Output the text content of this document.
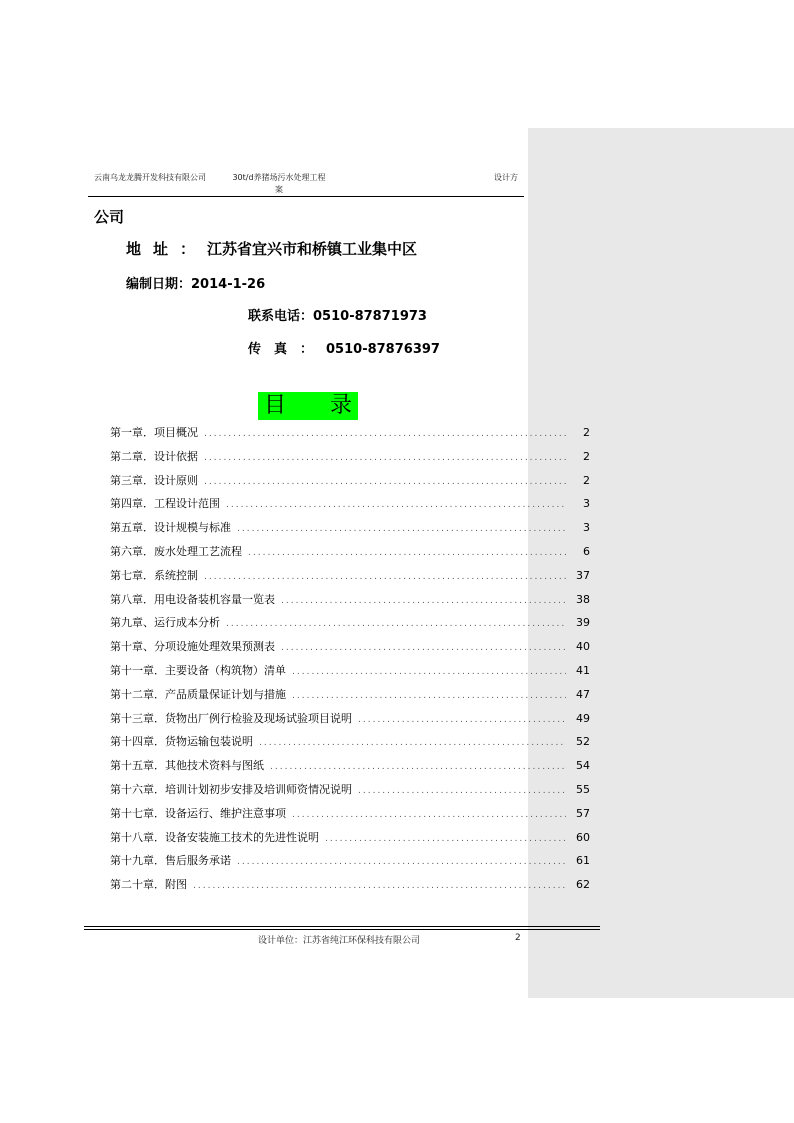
云南乌龙龙腾开发科技有限公司	30t/d养猪场污水处理工程
案
设计方
公司
地址：江苏省宜兴市和桥镇工业集中区
编制日期：2014-1-26
联系电话：0510-87871973
传真：0510-87876397
目 录
第一章．项目概况 .....	2
第二章．设计依据 .....	2
第三章．设计原则 .....	2
第四章．工程设计范围 .....	3
第五章．设计规模与标准 .....	3
第六章．废水处理工艺流程 .....	6
第七章．系统控制 .....	37
第八章．用电设备装机容量一览表 .....	38
第九章、运行成本分析 .....	39
第十章、分项设施处理效果预测表 .....	40
第十一章．主要设备（构筑物）清单 .....	41
第十二章．产品质量保证计划与措施 .....	47
第十三章．货物出厂例行检验及现场试验项目说明 .....	49
第十四章．货物运输包装说明 .....	52
第十五章．其他技术资料与图纸 .....	54
第十六章．培训计划初步安排及培训师资情况说明 .....	55
第十七章．设备运行、维护注意事项 .....	57
第十八章．设备安装施工技术的先进性说明 .....	60
第十九章．售后服务承诺 .....	61
第二十章．附图 .....	62
设计单位：江苏省纯江环保科技有限公司	2
